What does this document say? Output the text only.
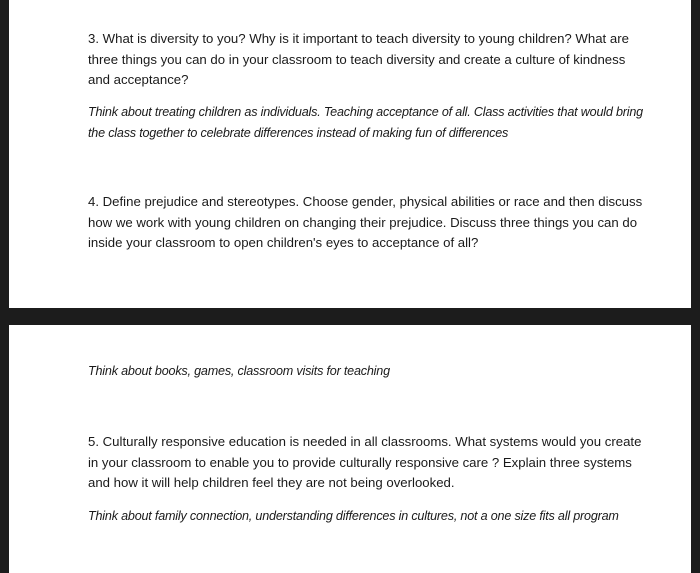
3. What is diversity to you? Why is it important to teach diversity to young children? What are three things you can do in your classroom to teach diversity and create a culture of kindness and acceptance?

Think about treating children as individuals. Teaching acceptance of all. Class activities that would bring the class together to celebrate differences instead of making fun of differences

4. Define prejudice and stereotypes. Choose gender, physical abilities or race and then discuss how we work with young children on changing their prejudice. Discuss three things you can do inside your classroom to open children's eyes to acceptance of all?

Think about books, games, classroom visits for teaching

5. Culturally responsive education is needed in all classrooms. What systems would you create in your classroom to enable you to provide culturally responsive care ? Explain three systems and how it will help children feel they are not being overlooked.

Think about family connection, understanding differences in cultures, not a one size fits all program
